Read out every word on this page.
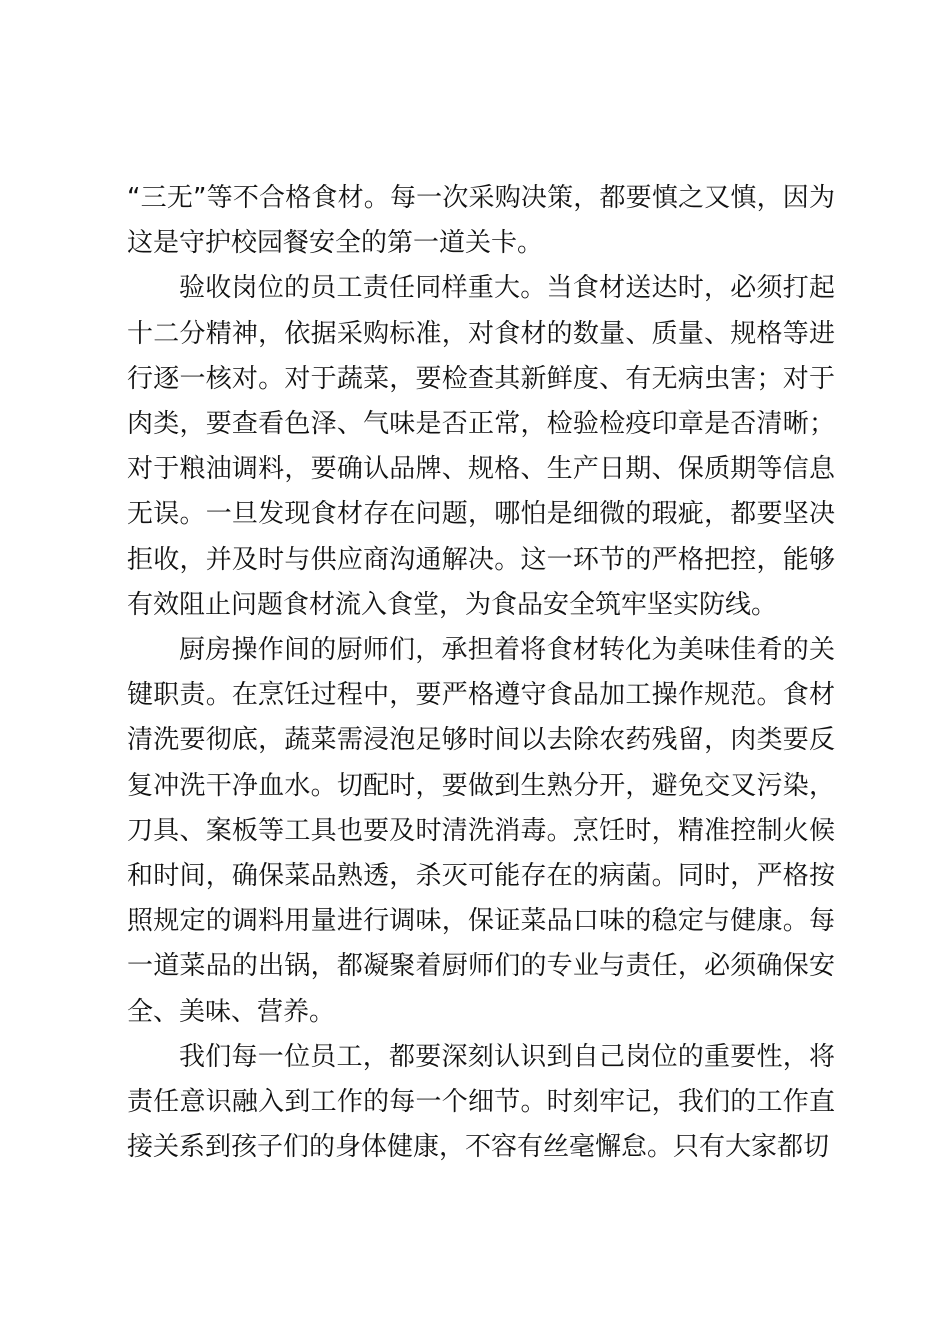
“三无”等不合格食材。每一次采购决策，都要慎之又慎，因为这是守护校园餐安全的第一道关卡。

验收岗位的员工责任同样重大。当食材送达时，必须打起十二分精神，依据采购标准，对食材的数量、质量、规格等进行逐一核对。对于蔬菜，要检查其新鲜度、有无病虫害；对于肉类，要查看色泽、气味是否正常，检验检疫印章是否清晰；对于粮油调料，要确认品牌、规格、生产日期、保质期等信息无误。一旦发现食材存在问题，哪怕是细微的瑕疵，都要坚决拒收，并及时与供应商沟通解决。这一环节的严格把控，能够有效阻止问题食材流入食堂，为食品安全筑牢坚实防线。

厨房操作间的厨师们，承担着将食材转化为美味佳肴的关键职责。在烹饪过程中，要严格遵守食品加工操作规范。食材清洗要彻底，蔬菜需浸泡足够时间以去除农药残留，肉类要反复冲洗干净血水。切配时，要做到生熟分开，避免交叉污染，刀具、案板等工具也要及时清洗消毒。烹饪时，精准控制火候和时间，确保菜品熟透，杀灭可能存在的病菌。同时，严格按照规定的调料用量进行调味，保证菜品口味的稳定与健康。每一道菜品的出锅，都凝聚着厨师们的专业与责任，必须确保安全、美味、营养。

我们每一位员工，都要深刻认识到自己岗位的重要性，将责任意识融入到工作的每一个细节。时刻牢记，我们的工作直接关系到孩子们的身体健康，不容有丝毫懈怠。只有大家都切
